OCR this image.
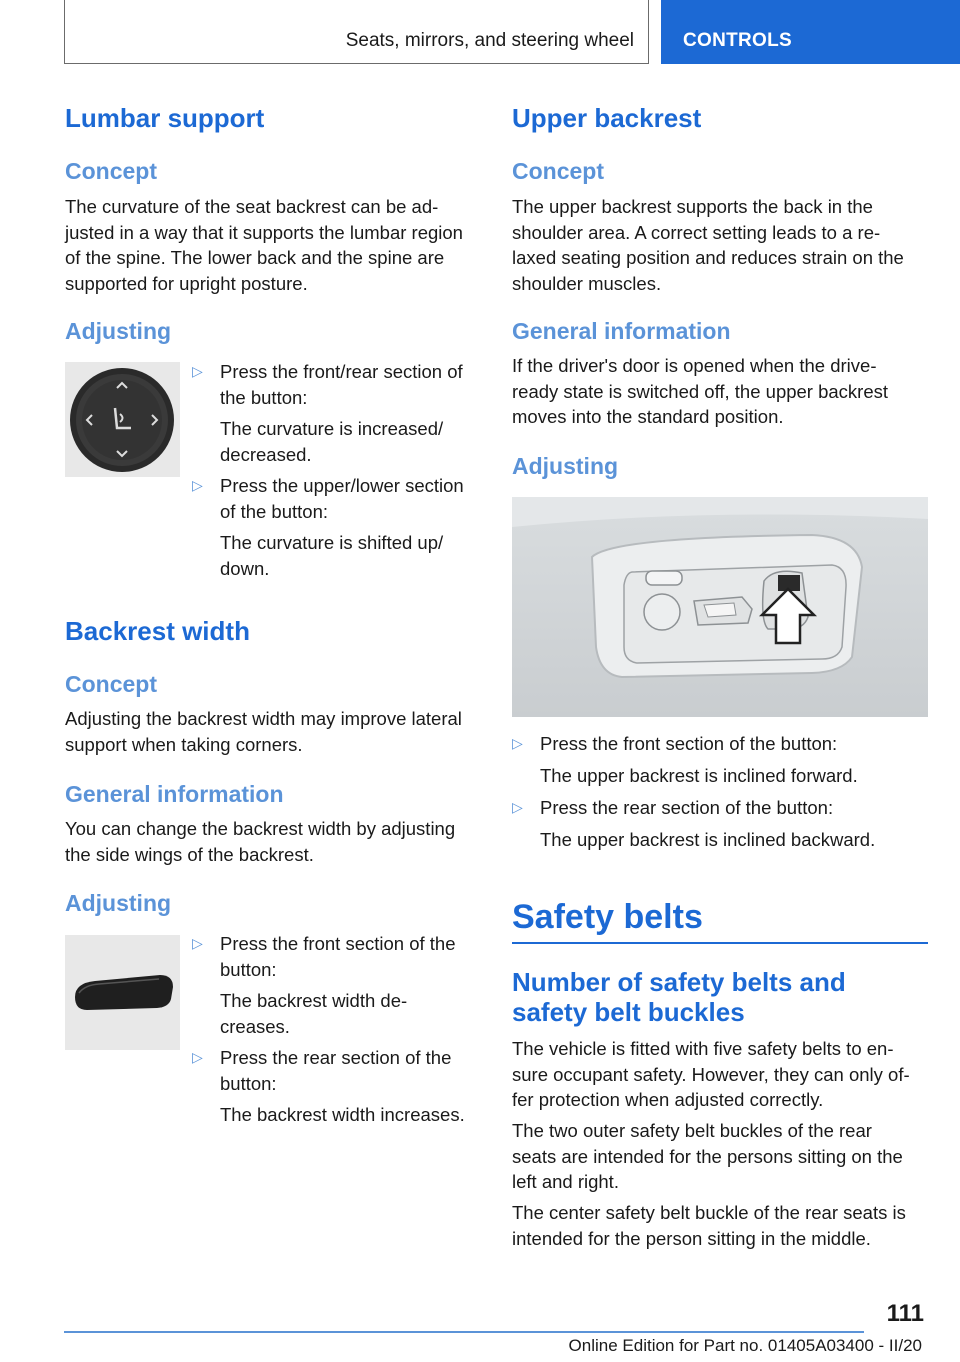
Seats, mirrors, and steering wheel	CONTROLS
Lumbar support
Concept
The curvature of the seat backrest can be ad‐
justed in a way that it supports the lumbar region
of the spine. The lower back and the spine are
supported for upright posture.
Adjusting
▷ Press the front/rear section of
the button:
The curvature is increased/
decreased.
▷ Press the upper/lower section
of the button:
The curvature is shifted up/
down.
Backrest width
Concept
Adjusting the backrest width may improve lateral
support when taking corners.
General information
You can change the backrest width by adjusting
the side wings of the backrest.
Adjusting
▷ Press the front section of the
button:
The backrest width de‐
creases.
▷ Press the rear section of the
button:
The backrest width increases.
Upper backrest
Concept
The upper backrest supports the back in the
shoulder area. A correct setting leads to a re‐
laxed seating position and reduces strain on the
shoulder muscles.
General information
If the driver's door is opened when the drive-
ready state is switched off, the upper backrest
moves into the standard position.
Adjusting
▷ Press the front section of the button:
The upper backrest is inclined forward.
▷ Press the rear section of the button:
The upper backrest is inclined backward.
Safety belts
Number of safety belts and
safety belt buckles
The vehicle is fitted with five safety belts to en‐
sure occupant safety. However, they can only of‐
fer protection when adjusted correctly.
The two outer safety belt buckles of the rear
seats are intended for the persons sitting on the
left and right.
The center safety belt buckle of the rear seats is
intended for the person sitting in the middle.
111
Online Edition for Part no. 01405A03400 - II/20
